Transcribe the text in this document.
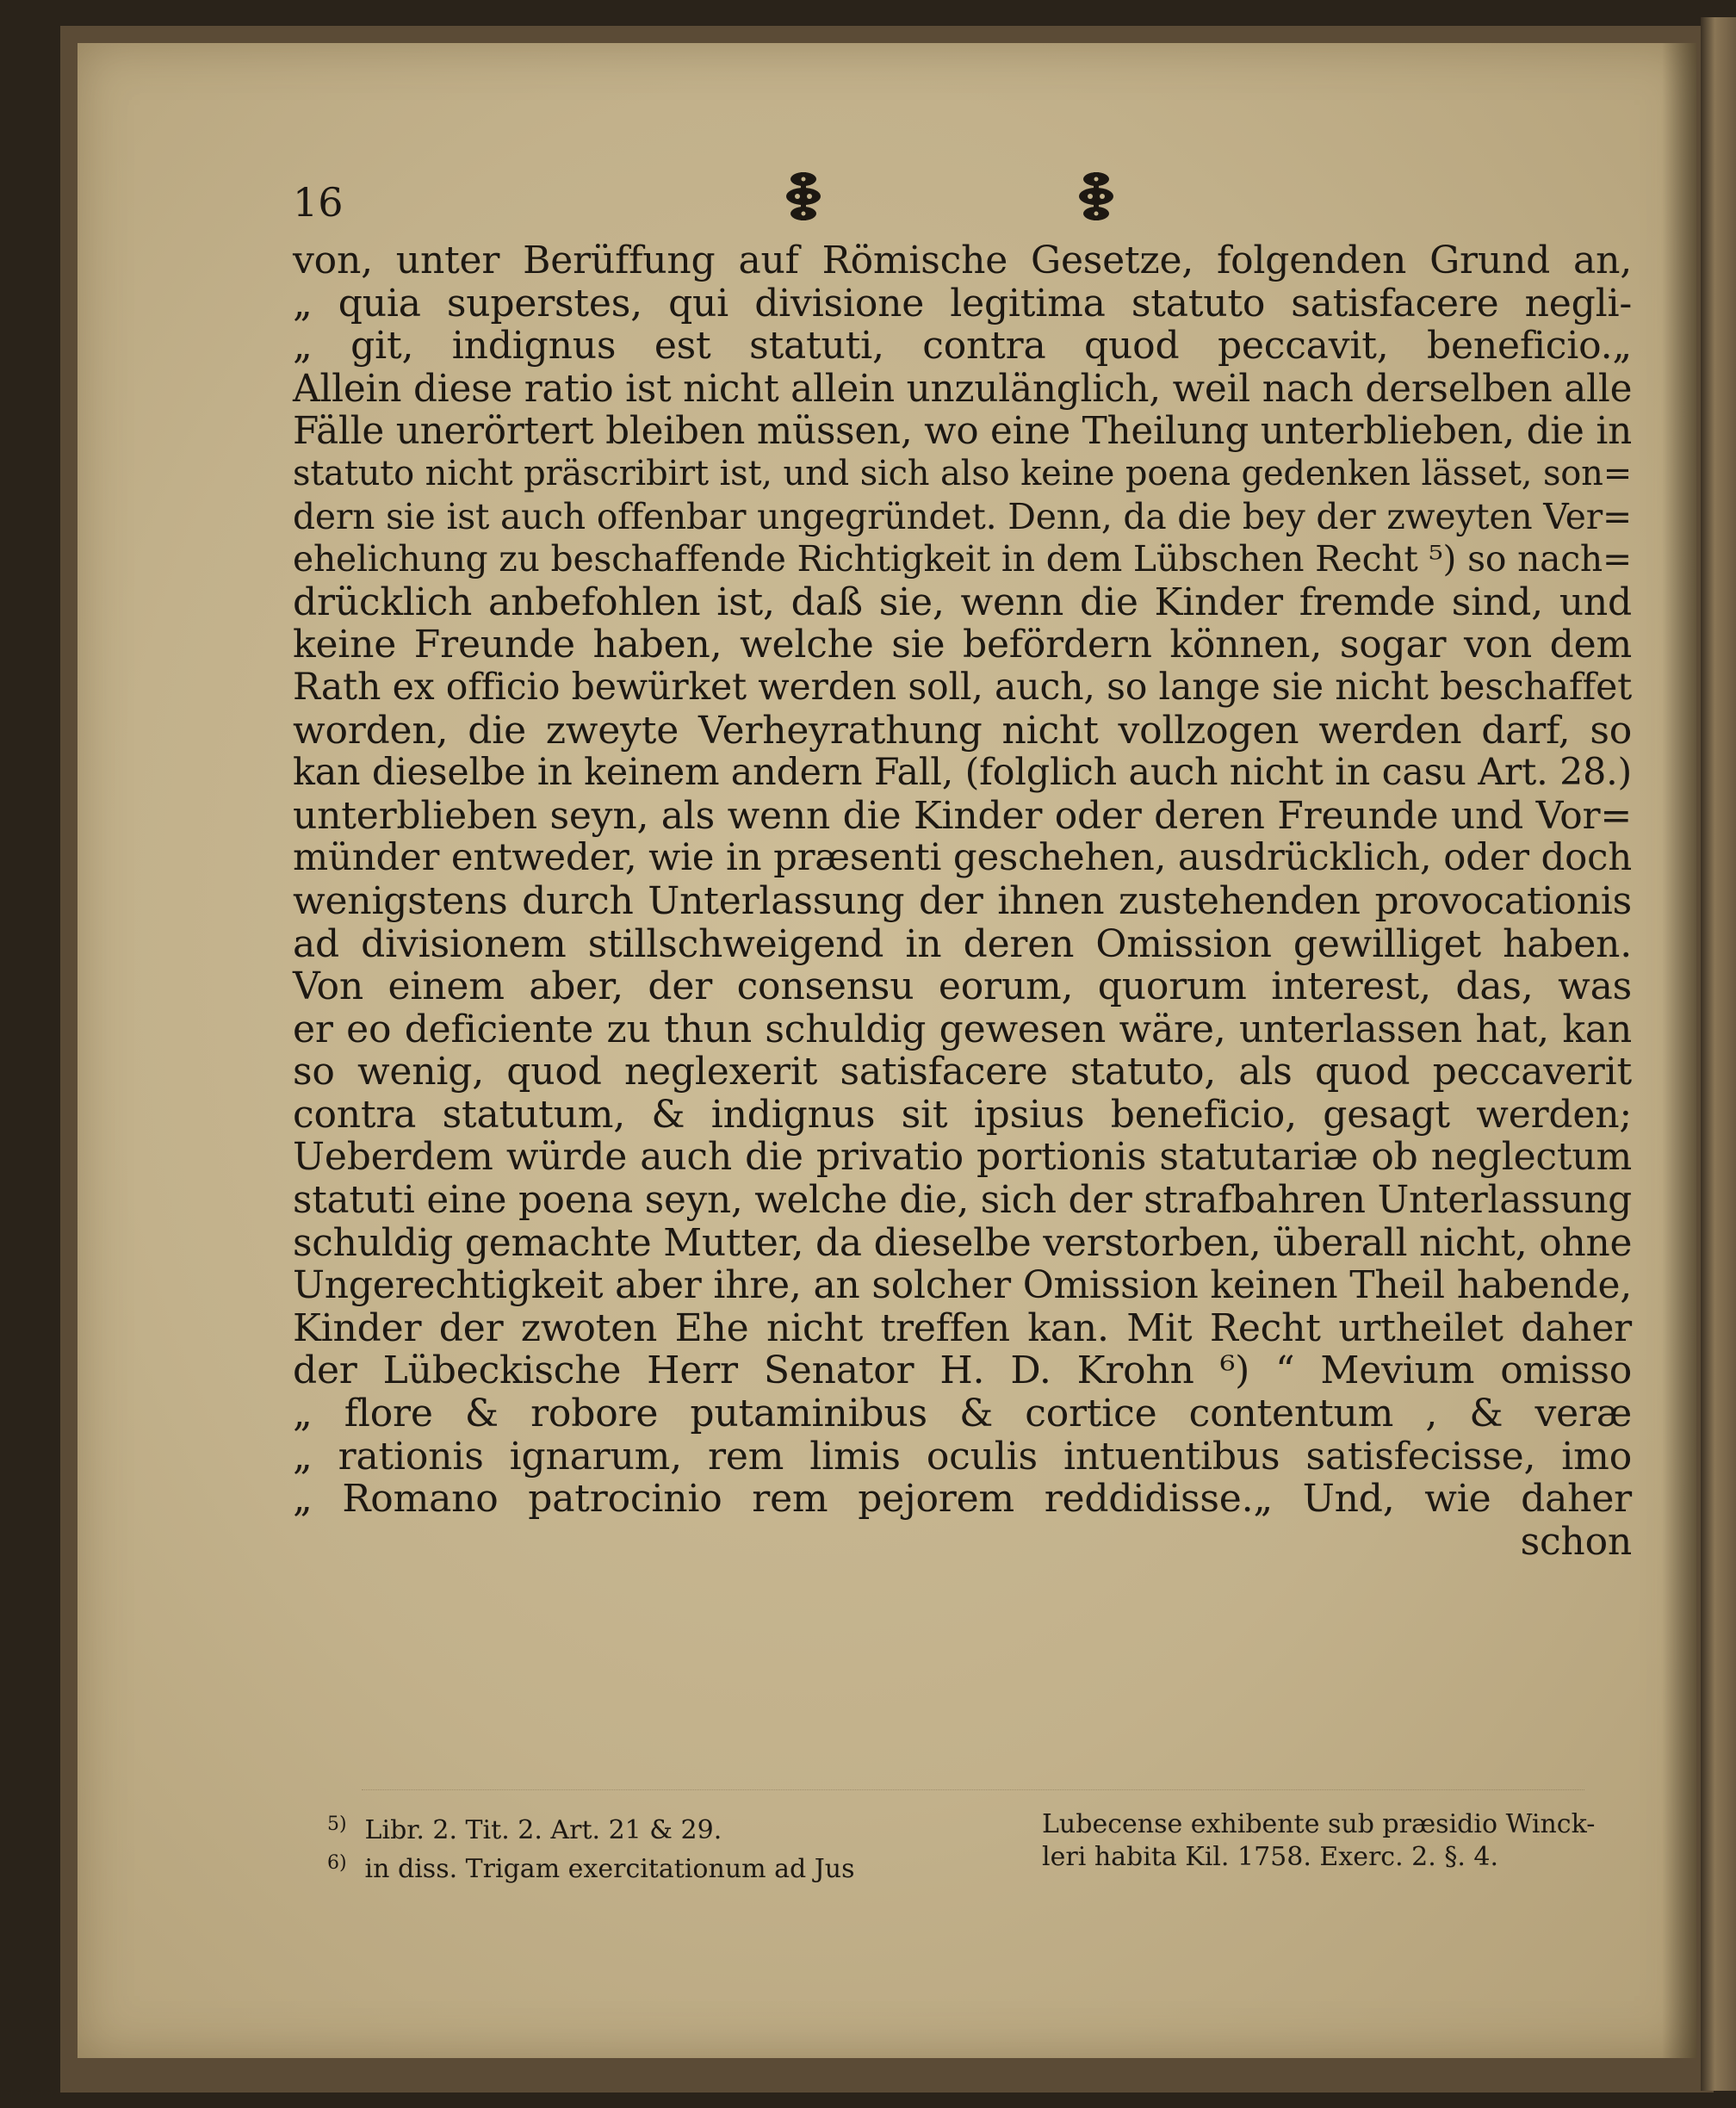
16
von, unter Berüffung auf Römische Gesetze, folgenden Grund an,
„ quia superstes, qui divisione legitima statuto satisfacere negli-
„ git, indignus est statuti, contra quod peccavit, beneficio.„
Allein diese ratio ist nicht allein unzulänglich, weil nach derselben alle
Fälle unerörtert bleiben müssen, wo eine Theilung unterblieben, die in
statuto nicht präscribirt ist, und sich also keine poena gedenken lässet, son=
dern sie ist auch offenbar ungegründet. Denn, da die bey der zweyten Ver=
ehelichung zu beschaffende Richtigkeit in dem Lübschen Recht ⁵) so nach=
drücklich anbefohlen ist, daß sie, wenn die Kinder fremde sind, und
keine Freunde haben, welche sie befördern können, sogar von dem
Rath ex officio bewürket werden soll, auch, so lange sie nicht beschaffet
worden, die zweyte Verheyrathung nicht vollzogen werden darf, so
kan dieselbe in keinem andern Fall, (folglich auch nicht in casu Art. 28.)
unterblieben seyn, als wenn die Kinder oder deren Freunde und Vor=
münder entweder, wie in præsenti geschehen, ausdrücklich, oder doch
wenigstens durch Unterlassung der ihnen zustehenden provocationis
ad divisionem stillschweigend in deren Omission gewilliget haben.
Von einem aber, der consensu eorum, quorum interest, das, was
er eo deficiente zu thun schuldig gewesen wäre, unterlassen hat, kan
so wenig, quod neglexerit satisfacere statuto, als quod peccaverit
contra statutum, & indignus sit ipsius beneficio, gesagt werden;
Ueberdem würde auch die privatio portionis statutariæ ob neglectum
statuti eine poena seyn, welche die, sich der strafbahren Unterlassung
schuldig gemachte Mutter, da dieselbe verstorben, überall nicht, ohne
Ungerechtigkeit aber ihre, an solcher Omission keinen Theil habende,
Kinder der zwoten Ehe nicht treffen kan. Mit Recht urtheilet daher
der Lübeckische Herr Senator H. D. Krohn ⁶) “ Mevium omisso
„ flore & robore putaminibus & cortice contentum , & veræ
„ rationis ignarum, rem limis oculis intuentibus satisfecisse, imo
„ Romano patrocinio rem pejorem reddidisse.„ Und, wie daher
schon
5) Libr. 2. Tit. 2. Art. 21 & 29.
6) in diss. Trigam exercitationum ad Jus
Lubecense exhibente sub præsidio Winck-
leri habita Kil. 1758. Exerc. 2. §. 4.
